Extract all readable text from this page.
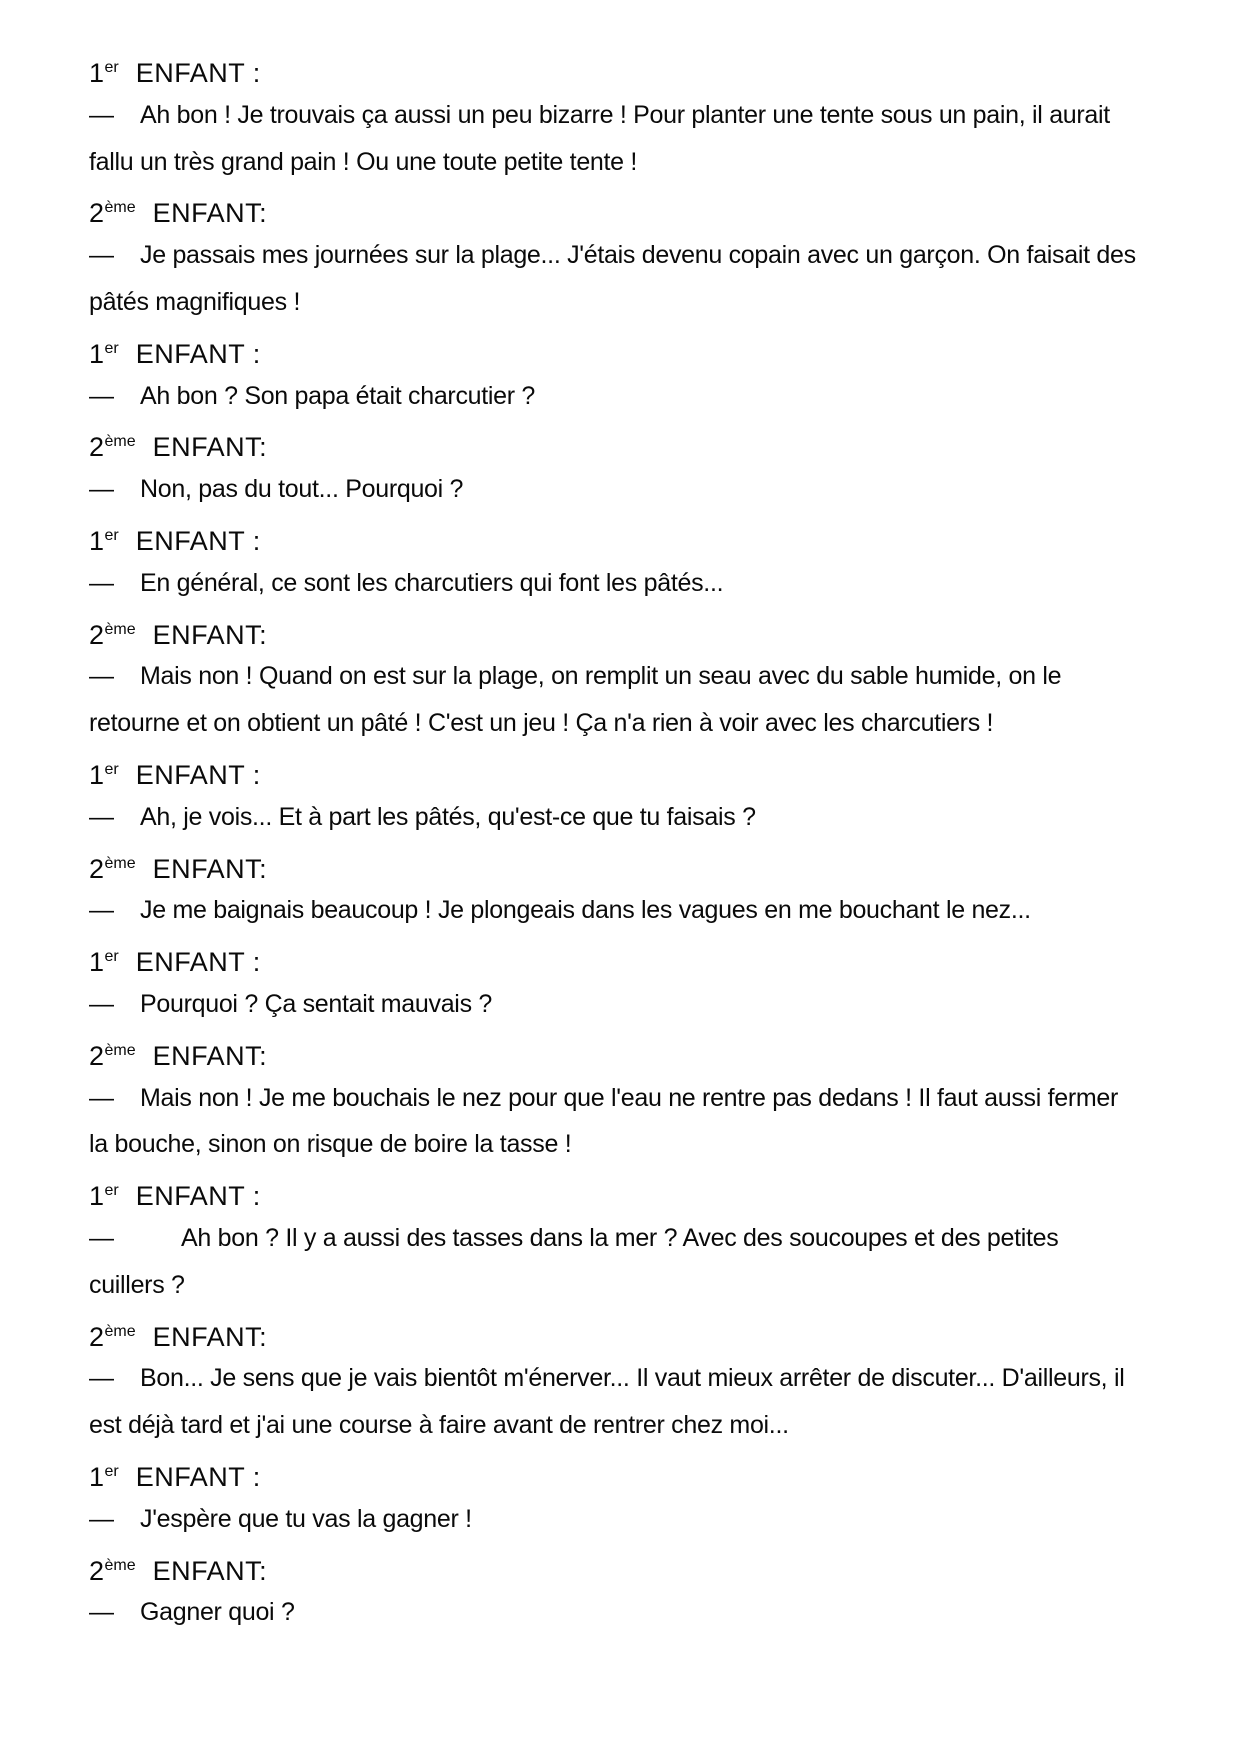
1er ENFANT :
— Ah bon ! Je trouvais ça aussi un peu bizarre ! Pour planter une tente sous un pain, il aurait
fallu un très grand pain ! Ou une toute petite tente !
2ème ENFANT:
— Je passais mes journées sur la plage... J'étais devenu copain avec un garçon. On faisait des
pâtés magnifiques !
1er ENFANT :
— Ah bon ? Son papa était charcutier ?
2ème ENFANT:
— Non, pas du tout... Pourquoi ?
1er ENFANT :
— En général, ce sont les charcutiers qui font les pâtés...
2ème ENFANT:
— Mais non ! Quand on est sur la plage, on remplit un seau avec du sable humide, on le
retourne et on obtient un pâté ! C'est un jeu ! Ça n'a rien à voir avec les charcutiers !
1er ENFANT :
— Ah, je vois... Et à part les pâtés, qu'est-ce que tu faisais ?
2ème ENFANT:
— Je me baignais beaucoup ! Je plongeais dans les vagues en me bouchant le nez...
1er ENFANT :
— Pourquoi ? Ça sentait mauvais ?
2ème ENFANT:
— Mais non ! Je me bouchais le nez pour que l'eau ne rentre pas dedans ! Il faut aussi fermer
la bouche, sinon on risque de boire la tasse !
1er ENFANT :
—	Ah bon ? Il y a aussi des tasses dans la mer ? Avec des soucoupes et des petites
cuillers ?
2ème ENFANT:
— Bon... Je sens que je vais bientôt m'énerver... Il vaut mieux arrêter de discuter... D'ailleurs, il
est déjà tard et j'ai une course à faire avant de rentrer chez moi...
1er ENFANT :
— J'espère que tu vas la gagner !
2ème ENFANT:
— Gagner quoi ?
